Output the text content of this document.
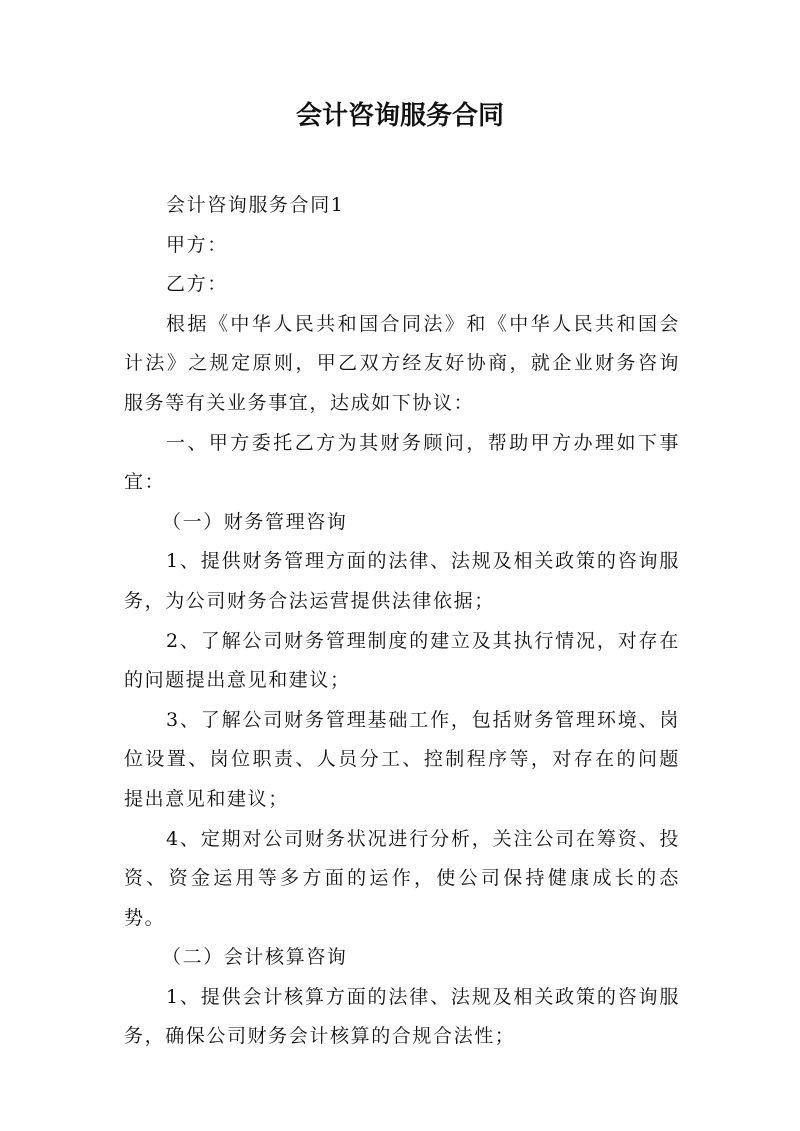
会计咨询服务合同

会计咨询服务合同1

甲方：

乙方：

根据《中华人民共和国合同法》和《中华人民共和国会计法》之规定原则，甲乙双方经友好协商，就企业财务咨询服务等有关业务事宜，达成如下协议：

一、甲方委托乙方为其财务顾问，帮助甲方办理如下事宜：

（一）财务管理咨询

1、提供财务管理方面的法律、法规及相关政策的咨询服务，为公司财务合法运营提供法律依据；

2、了解公司财务管理制度的建立及其执行情况，对存在的问题提出意见和建议；

3、了解公司财务管理基础工作，包括财务管理环境、岗位设置、岗位职责、人员分工、控制程序等，对存在的问题提出意见和建议；

4、定期对公司财务状况进行分析，关注公司在筹资、投资、资金运用等多方面的运作，使公司保持健康成长的态势。

（二）会计核算咨询

1、提供会计核算方面的法律、法规及相关政策的咨询服务，确保公司财务会计核算的合规合法性；
